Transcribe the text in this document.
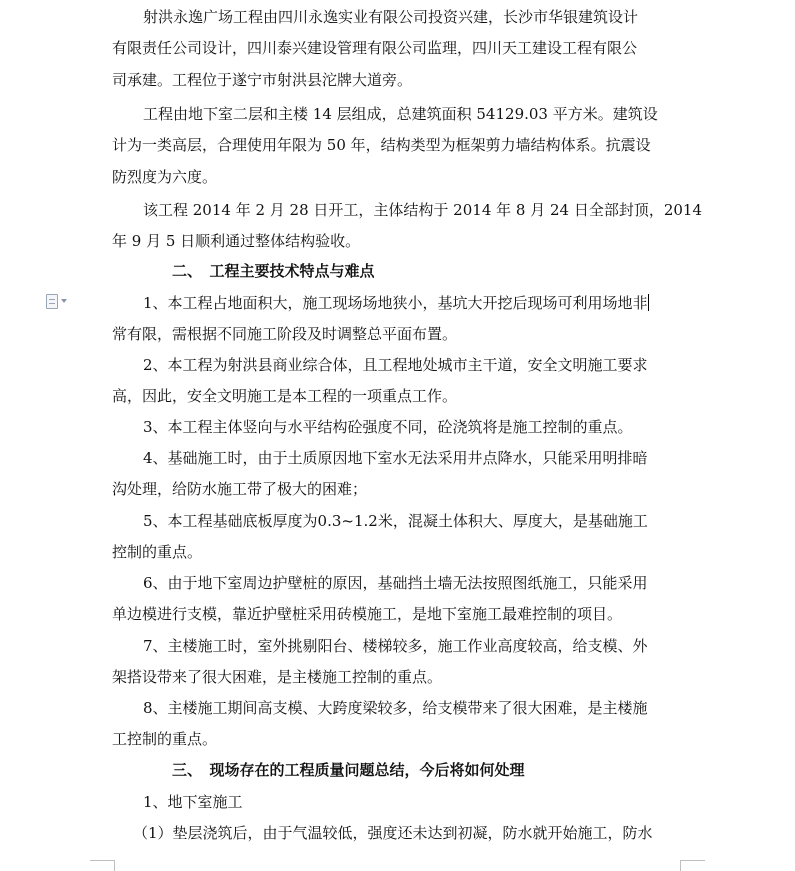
射洪永逸广场工程由四川永逸实业有限公司投资兴建，长沙市华银建筑设计
有限责任公司设计，四川泰兴建设管理有限公司监理，四川天工建设工程有限公
司承建。工程位于遂宁市射洪县沱牌大道旁。
工程由地下室二层和主楼 14 层组成，总建筑面积 54129.03 平方米。建筑设
计为一类高层，合理使用年限为 50 年，结构类型为框架剪力墙结构体系。抗震设
防烈度为六度。
该工程 2014 年 2 月 28 日开工，主体结构于 2014 年 8 月 24 日全部封顶，2014
年 9 月 5 日顺利通过整体结构验收。
二、　工程主要技术特点与难点
1、本工程占地面积大，施工现场场地狭小，基坑大开挖后现场可利用场地非
常有限，需根据不同施工阶段及时调整总平面布置。
2、本工程为射洪县商业综合体，且工程地处城市主干道，安全文明施工要求
高，因此，安全文明施工是本工程的一项重点工作。
3、本工程主体竖向与水平结构砼强度不同，砼浇筑将是施工控制的重点。
4、基础施工时，由于土质原因地下室水无法采用井点降水，只能采用明排暗
沟处理，给防水施工带了极大的困难；
5、本工程基础底板厚度为0.3~1.2米，混凝土体积大、厚度大，是基础施工
控制的重点。
6、由于地下室周边护壁桩的原因，基础挡土墙无法按照图纸施工，只能采用
单边模进行支模，靠近护壁桩采用砖模施工，是地下室施工最难控制的项目。
7、主楼施工时，室外挑剔阳台、楼梯较多，施工作业高度较高，给支模、外
架搭设带来了很大困难，是主楼施工控制的重点。
8、主楼施工期间高支模、大跨度梁较多，给支模带来了很大困难，是主楼施
工控制的重点。
三、　现场存在的工程质量问题总结，今后将如何处理
1、地下室施工
（1）垫层浇筑后，由于气温较低，强度还未达到初凝，防水就开始施工，防水
